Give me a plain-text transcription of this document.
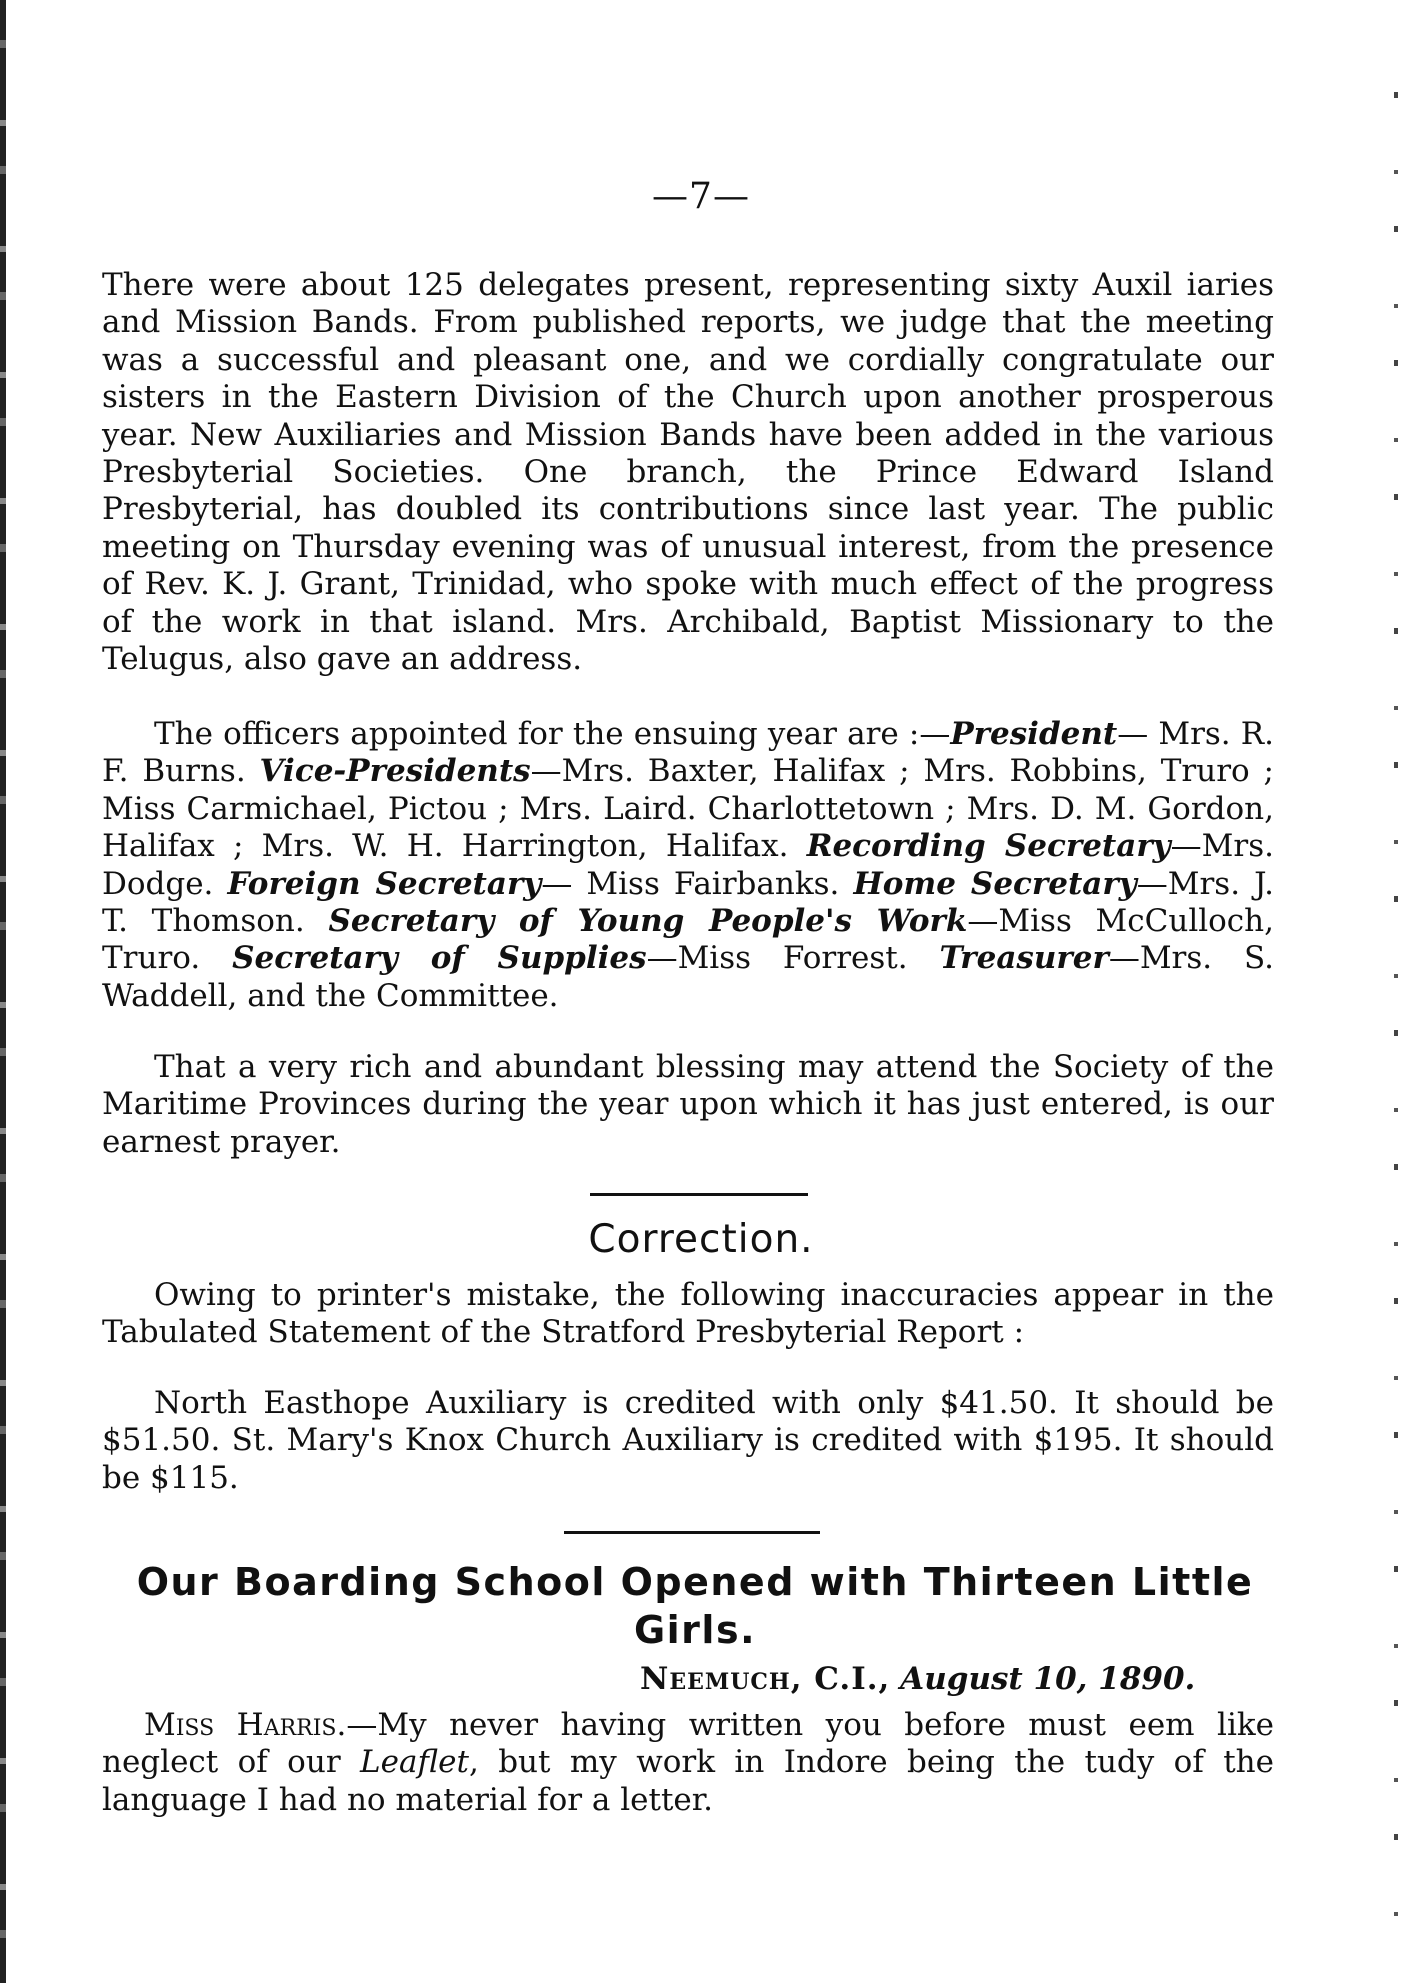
—7—

There were about 125 delegates present, representing sixty Auxil iaries and Mission Bands. From published reports, we judge that the meeting was a successful and pleasant one, and we cordially congratulate our sisters in the Eastern Division of the Church upon another prosperous year. New Auxiliaries and Mission Bands have been added in the various Presbyterial Societies. One branch, the Prince Edward Island Presbyterial, has doubled its contributions since last year. The public meeting on Thursday evening was of unusual interest, from the presence of Rev. K. J. Grant, Trinidad, who spoke with much effect of the progress of the work in that island. Mrs. Archibald, Baptist Missionary to the Telugus, also gave an address.

The officers appointed for the ensuing year are :—President— Mrs. R. F. Burns. Vice-Presidents—Mrs. Baxter, Halifax ; Mrs. Robbins, Truro ; Miss Carmichael, Pictou ; Mrs. Laird. Charlottetown ; Mrs. D. M. Gordon, Halifax ; Mrs. W. H. Harrington, Halifax. Recording Secretary—Mrs. Dodge. Foreign Secretary— Miss Fairbanks. Home Secretary—Mrs. J. T. Thomson. Secretary of Young People's Work—Miss McCulloch, Truro. Secretary of Supplies—Miss Forrest. Treasurer—Mrs. S. Waddell, and the Committee.

That a very rich and abundant blessing may attend the Society of the Maritime Provinces during the year upon which it has just entered, is our earnest prayer.

Correction.

Owing to printer's mistake, the following inaccuracies appear in the Tabulated Statement of the Stratford Presbyterial Report :

North Easthope Auxiliary is credited with only $41.50. It should be $51.50. St. Mary's Knox Church Auxiliary is credited with $195. It should be $115.

Our Boarding School Opened with Thirteen Little Girls.

Neemuch, C.I., August 10, 1890.

Miss Harris.—My never having written you before must eem like neglect of our Leaflet, but my work in Indore being the tudy of the language I had no material for a letter.
